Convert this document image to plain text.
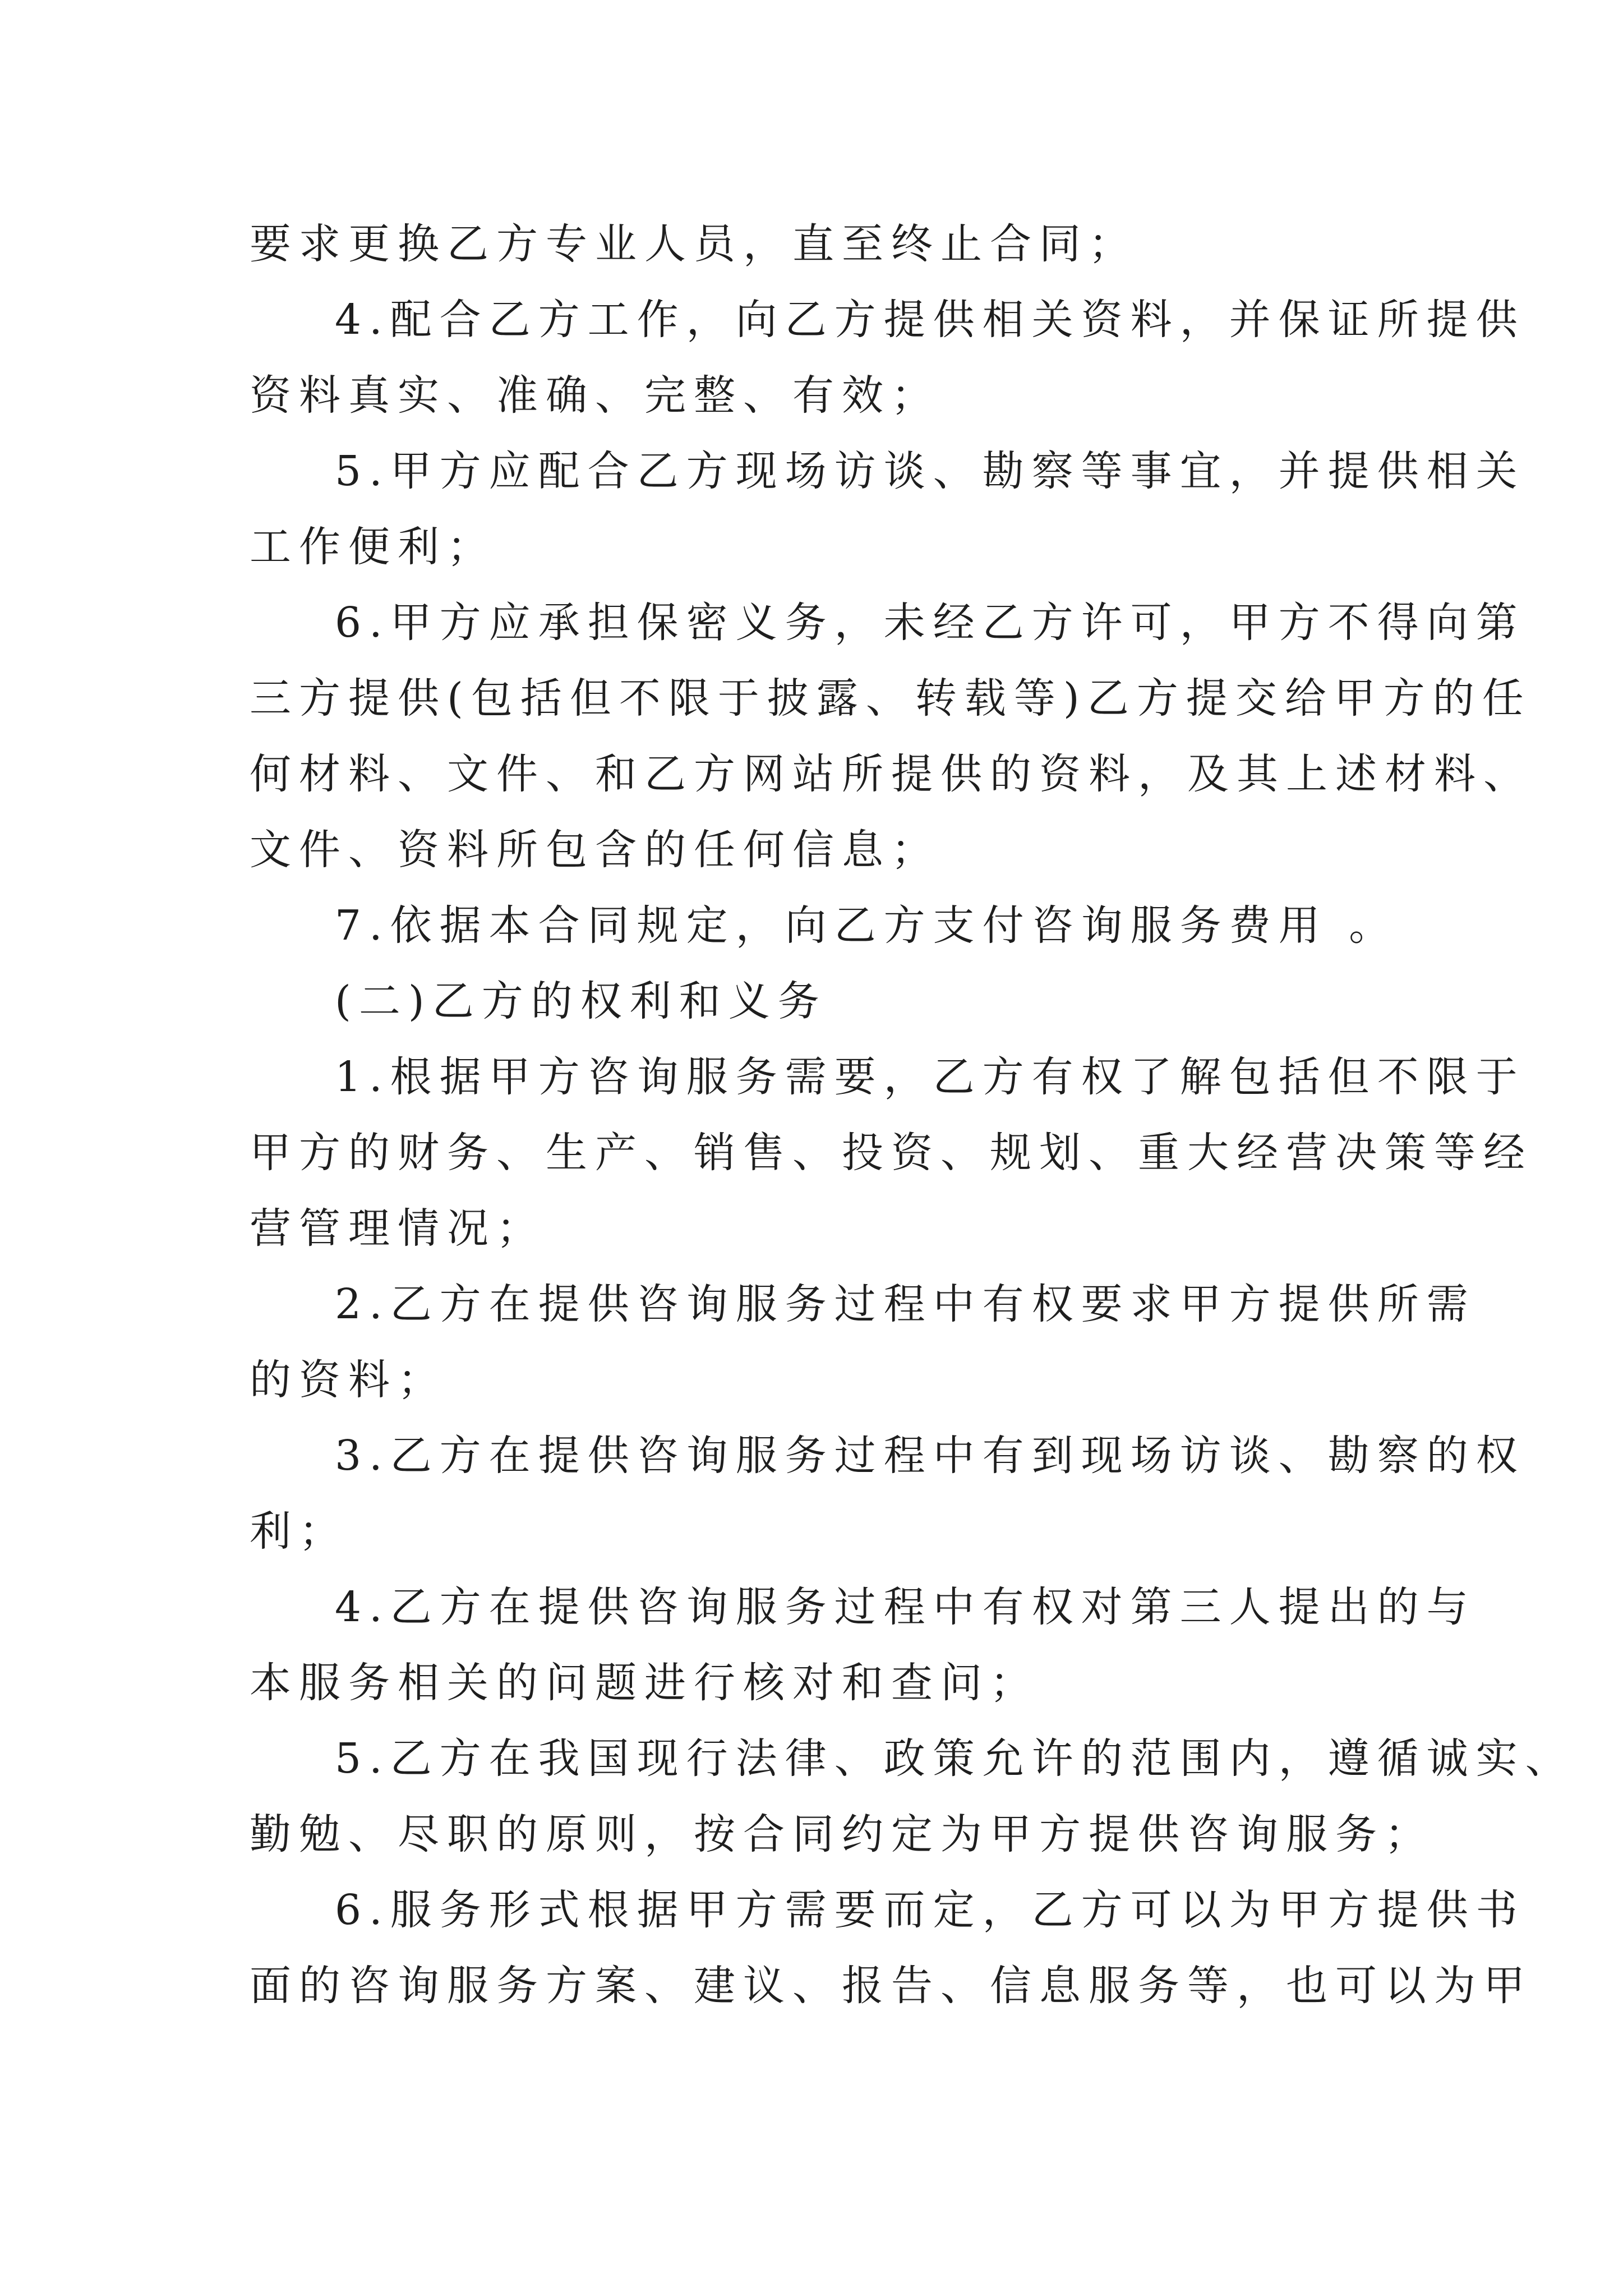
要求更换乙方专业人员，直至终止合同；
4.配合乙方工作，向乙方提供相关资料，并保证所提供
资料真实、准确、完整、有效；
5.甲方应配合乙方现场访谈、勘察等事宜，并提供相关
工作便利；
6.甲方应承担保密义务，未经乙方许可，甲方不得向第
三方提供(包括但不限于披露、转载等)乙方提交给甲方的任
何材料、文件、和乙方网站所提供的资料，及其上述材料、
文件、资料所包含的任何信息；
7.依据本合同规定，向乙方支付咨询服务费用 。
(二)乙方的权利和义务
1.根据甲方咨询服务需要，乙方有权了解包括但不限于
甲方的财务、生产、销售、投资、规划、重大经营决策等经
营管理情况；
2.乙方在提供咨询服务过程中有权要求甲方提供所需
的资料；
3.乙方在提供咨询服务过程中有到现场访谈、勘察的权
利；
4.乙方在提供咨询服务过程中有权对第三人提出的与
本服务相关的问题进行核对和查问；
5.乙方在我国现行法律、政策允许的范围内，遵循诚实、
勤勉、尽职的原则，按合同约定为甲方提供咨询服务；
6.服务形式根据甲方需要而定，乙方可以为甲方提供书
面的咨询服务方案、建议、报告、信息服务等，也可以为甲
